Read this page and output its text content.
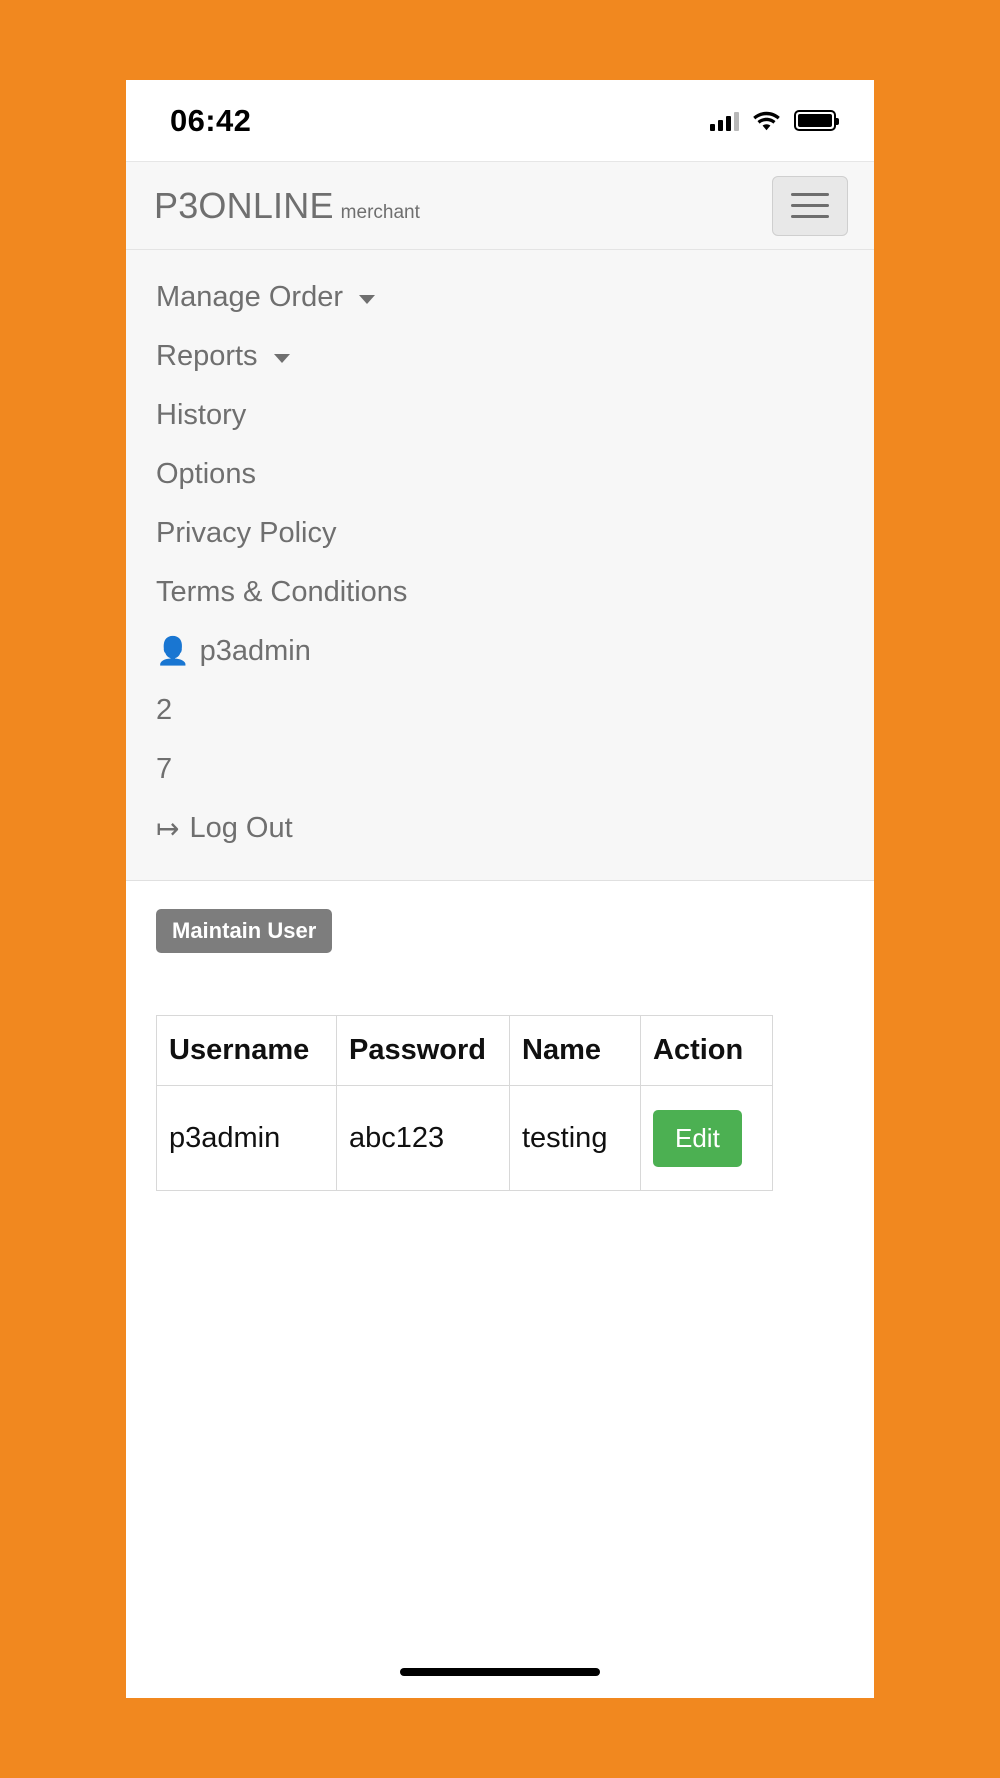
06:42
P3ONLINE merchant
Manage Order
Reports
History
Options
Privacy Policy
Terms & Conditions
👤 p3admin
2
7
↦ Log Out
Maintain User
Username	Password	Name	Action
p3admin	abc123	testing	Edit
